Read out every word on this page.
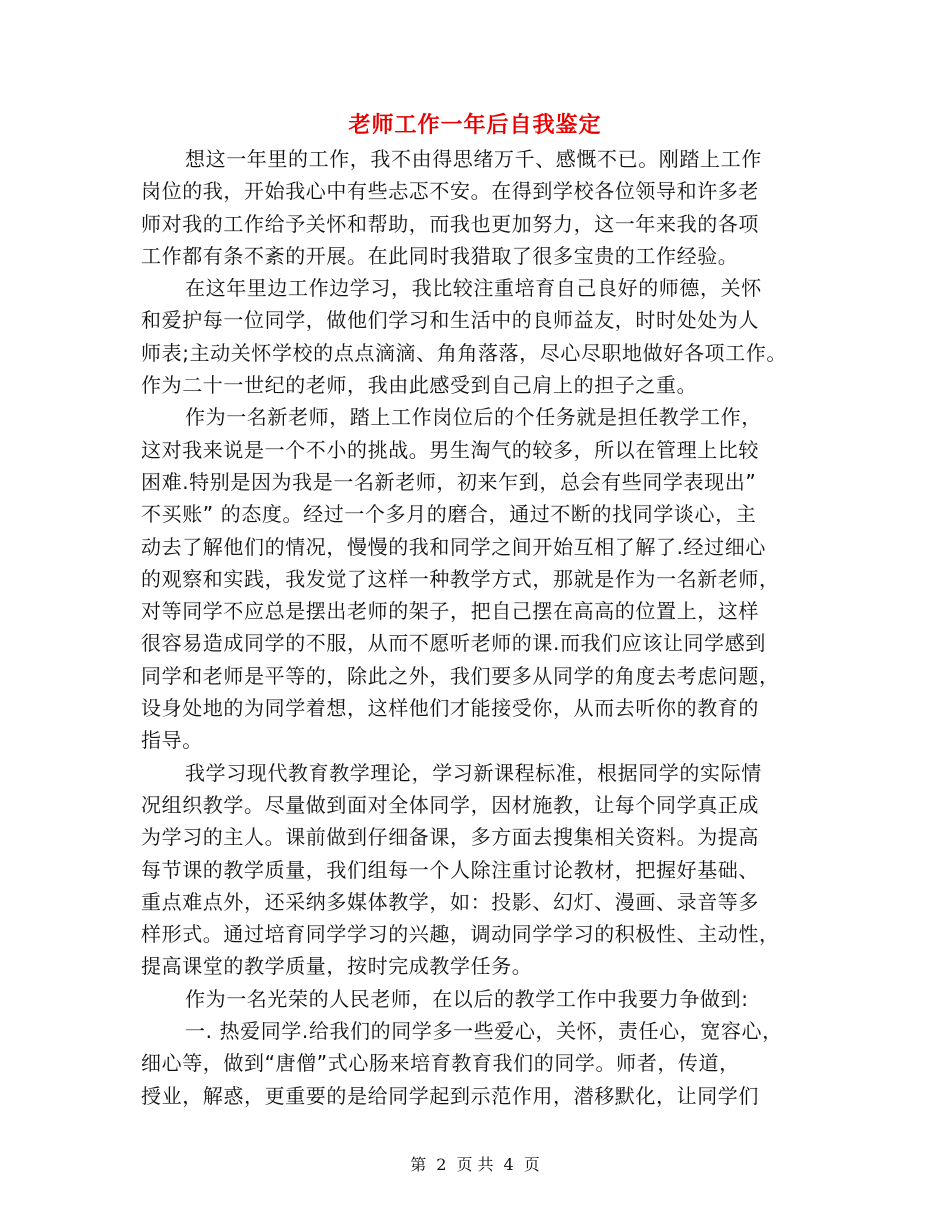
老师工作一年后自我鉴定
想这一年里的工作，我不由得思绪万千、感慨不已。刚踏上工作
岗位的我，开始我心中有些忐忑不安。在得到学校各位领导和许多老
师对我的工作给予关怀和帮助，而我也更加努力，这一年来我的各项
工作都有条不紊的开展。在此同时我猎取了很多宝贵的工作经验。
在这年里边工作边学习，我比较注重培育自己良好的师德，关怀
和爱护每一位同学，做他们学习和生活中的良师益友，时时处处为人
师表;主动关怀学校的点点滴滴、角角落落，尽心尽职地做好各项工作。
作为二十一世纪的老师，我由此感受到自己肩上的担子之重。
作为一名新老师，踏上工作岗位后的个任务就是担任教学工作，
这对我来说是一个不小的挑战。男生淘气的较多，所以在管理上比较
困难.特别是因为我是一名新老师，初来乍到，总会有些同学表现出”
不买账” 的态度。经过一个多月的磨合，通过不断的找同学谈心，主
动去了解他们的情况，慢慢的我和同学之间开始互相了解了.经过细心
的观察和实践，我发觉了这样一种教学方式，那就是作为一名新老师，
对等同学不应总是摆出老师的架子，把自己摆在高高的位置上，这样
很容易造成同学的不服，从而不愿听老师的课.而我们应该让同学感到
同学和老师是平等的，除此之外，我们要多从同学的角度去考虑问题，
设身处地的为同学着想，这样他们才能接受你，从而去听你的教育的
指导。
我学习现代教育教学理论，学习新课程标准，根据同学的实际情
况组织教学。尽量做到面对全体同学，因材施教，让每个同学真正成
为学习的主人。课前做到仔细备课，多方面去搜集相关资料。为提高
每节课的教学质量，我们组每一个人除注重讨论教材，把握好基础、
重点难点外，还采纳多媒体教学，如：投影、幻灯、漫画、录音等多
样形式。通过培育同学学习的兴趣，调动同学学习的积极性、主动性，
提高课堂的教学质量，按时完成教学任务。
作为一名光荣的人民老师，在以后的教学工作中我要力争做到:
一. 热爱同学.给我们的同学多一些爱心，关怀，责任心，宽容心，
细心等，做到“唐僧”式心肠来培育教育我们的同学。师者，传道，
授业，解惑，更重要的是给同学起到示范作用，潜移默化，让同学们
第 2 页 共 4 页
